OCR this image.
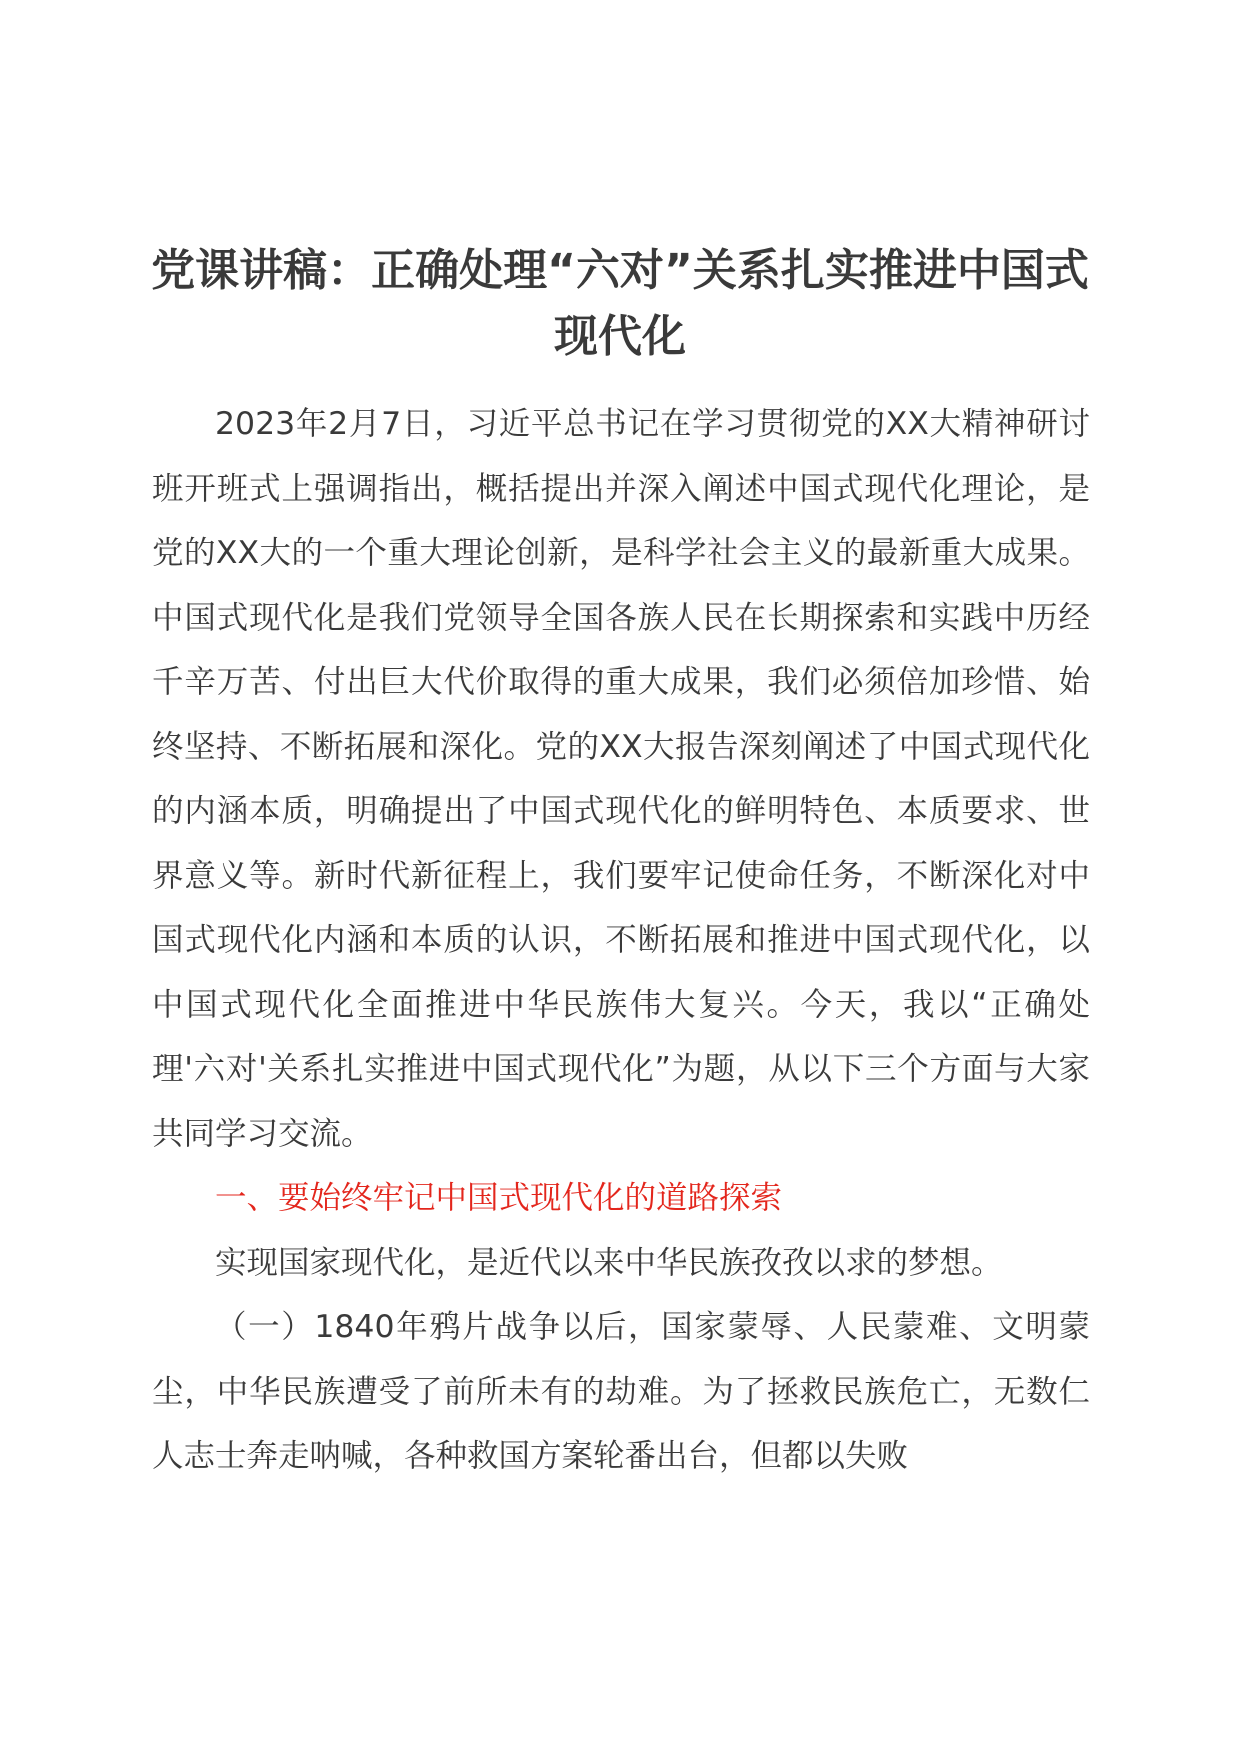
党课讲稿：正确处理“六对”关系扎实推进中国式现代化

2023年2月7日，习近平总书记在学习贯彻党的XX大精神研讨班开班式上强调指出，概括提出并深入阐述中国式现代化理论，是党的XX大的一个重大理论创新，是科学社会主义的最新重大成果。中国式现代化是我们党领导全国各族人民在长期探索和实践中历经千辛万苦、付出巨大代价取得的重大成果，我们必须倍加珍惜、始终坚持、不断拓展和深化。党的XX大报告深刻阐述了中国式现代化的内涵本质，明确提出了中国式现代化的鲜明特色、本质要求、世界意义等。新时代新征程上，我们要牢记使命任务，不断深化对中国式现代化内涵和本质的认识，不断拓展和推进中国式现代化，以中国式现代化全面推进中华民族伟大复兴。今天，我以“正确处理'六对'关系扎实推进中国式现代化”为题，从以下三个方面与大家共同学习交流。

一、要始终牢记中国式现代化的道路探索

实现国家现代化，是近代以来中华民族孜孜以求的梦想。

（一）1840年鸦片战争以后，国家蒙辱、人民蒙难、文明蒙尘，中华民族遭受了前所未有的劫难。为了拯救民族危亡，无数仁人志士奔走呐喊，各种救国方案轮番出台，但都以失败
